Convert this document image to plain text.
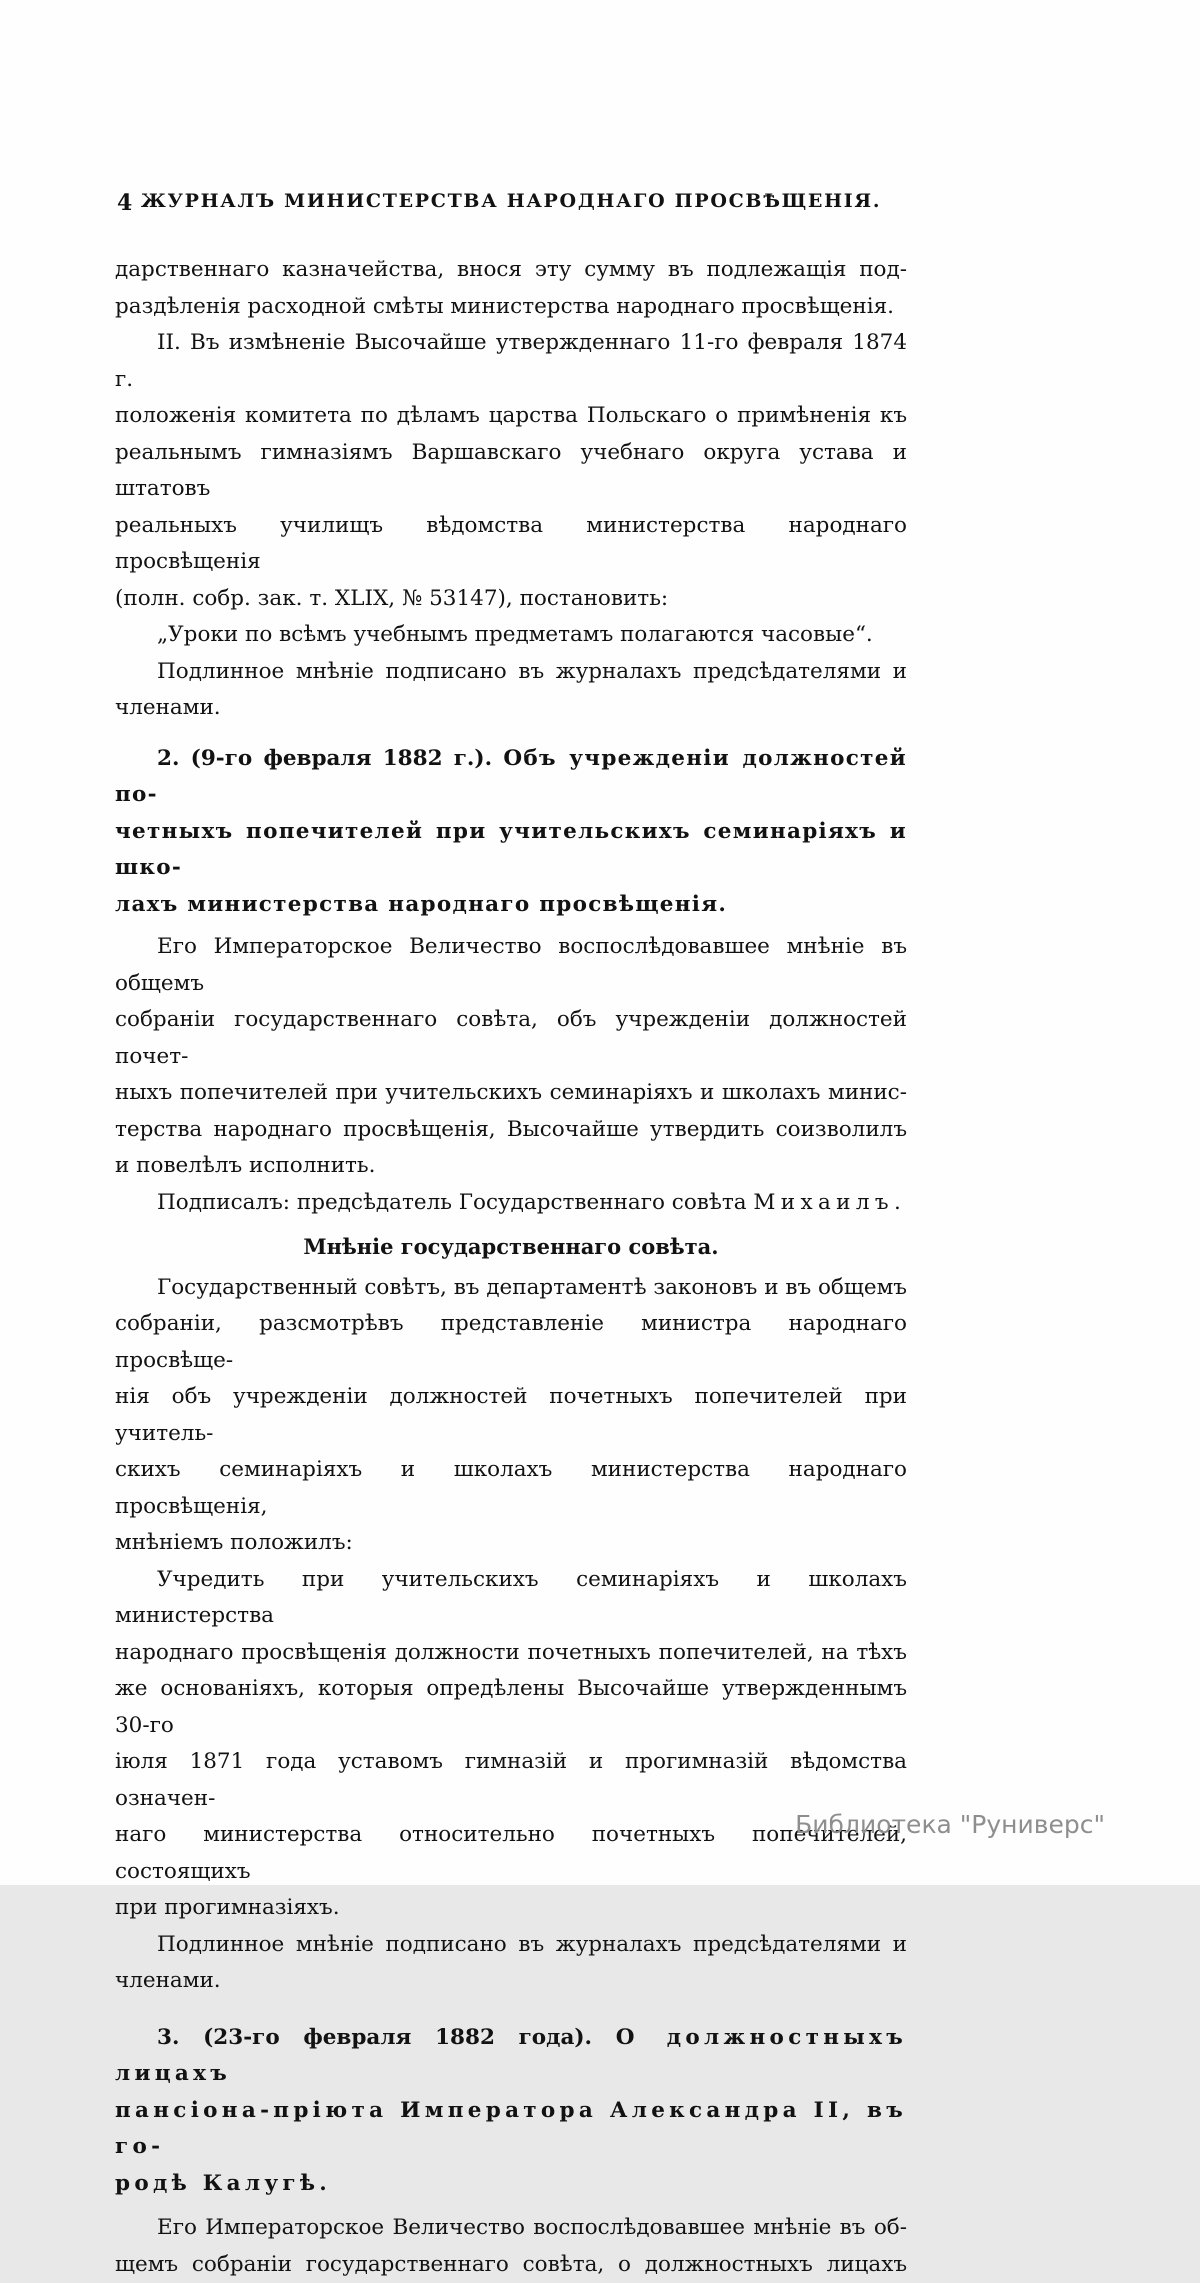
4 ЖУРНАЛЪ МИНИСТЕРСТВА НАРОДНАГО ПРОСВѢЩЕНІЯ.
дарственнаго казначейства, внося эту сумму въ подлежащія под-
раздѣленія расходной смѣты министерства народнаго просвѣщенія.
II. Въ измѣненіе Высочайше утвержденнаго 11-го февраля 1874 г.
положенія комитета по дѣламъ царства Польскаго о примѣненія къ
реальнымъ гимназіямъ Варшавскаго учебнаго округа устава и штатовъ
реальныхъ училищъ вѣдомства министерства народнаго просвѣщенія
(полн. собр. зак. т. XLIX, № 53147), постановить:
„Уроки по всѣмъ учебнымъ предметамъ полагаются часовые“.
Подлинное мнѣніе подписано въ журналахъ предсѣдателями и
членами.
2. (9-го февраля 1882 г.). Объ учрежденіи должностей по-
четныхъ попечителей при учительскихъ семинаріяхъ и шко-
лахъ министерства народнаго просвѣщенія.
Его Императорское Величество воспослѣдовавшее мнѣніе въ общемъ
собраніи государственнаго совѣта, объ учрежденіи должностей почет-
ныхъ попечителей при учительскихъ семинаріяхъ и школахъ минис-
терства народнаго просвѣщенія, Высочайше утвердить соизволилъ
и повелѣлъ исполнить.
Подписалъ: предсѣдатель Государственнаго совѣта Михаилъ.
Мнѣніе государственнаго совѣта.
Государственный совѣтъ, въ департаментѣ законовъ и въ общемъ
собраніи, разсмотрѣвъ представленіе министра народнаго просвѣще-
нія объ учрежденіи должностей почетныхъ попечителей при учитель-
скихъ семинаріяхъ и школахъ министерства народнаго просвѣщенія,
мнѣніемъ положилъ:
Учредить при учительскихъ семинаріяхъ и школахъ министерства
народнаго просвѣщенія должности почетныхъ попечителей, на тѣхъ
же основаніяхъ, которыя опредѣлены Высочайше утвержденнымъ 30-го
іюля 1871 года уставомъ гимназій и прогимназій вѣдомства означен-
наго министерства относительно почетныхъ попечителей, состоящихъ
при прогимназіяхъ.
Подлинное мнѣніе подписано въ журналахъ предсѣдателями и
членами.
3. (23-го февраля 1882 года). О должностныхъ лицахъ
пансіона-пріюта Императора Александра II, въ го-
родѣ Калугѣ.
Его Императорское Величество воспослѣдовавшее мнѣніе въ об-
щемъ собраніи государственнаго совѣта, о должностныхъ лицахъ
Библиотека "Руниверс"
